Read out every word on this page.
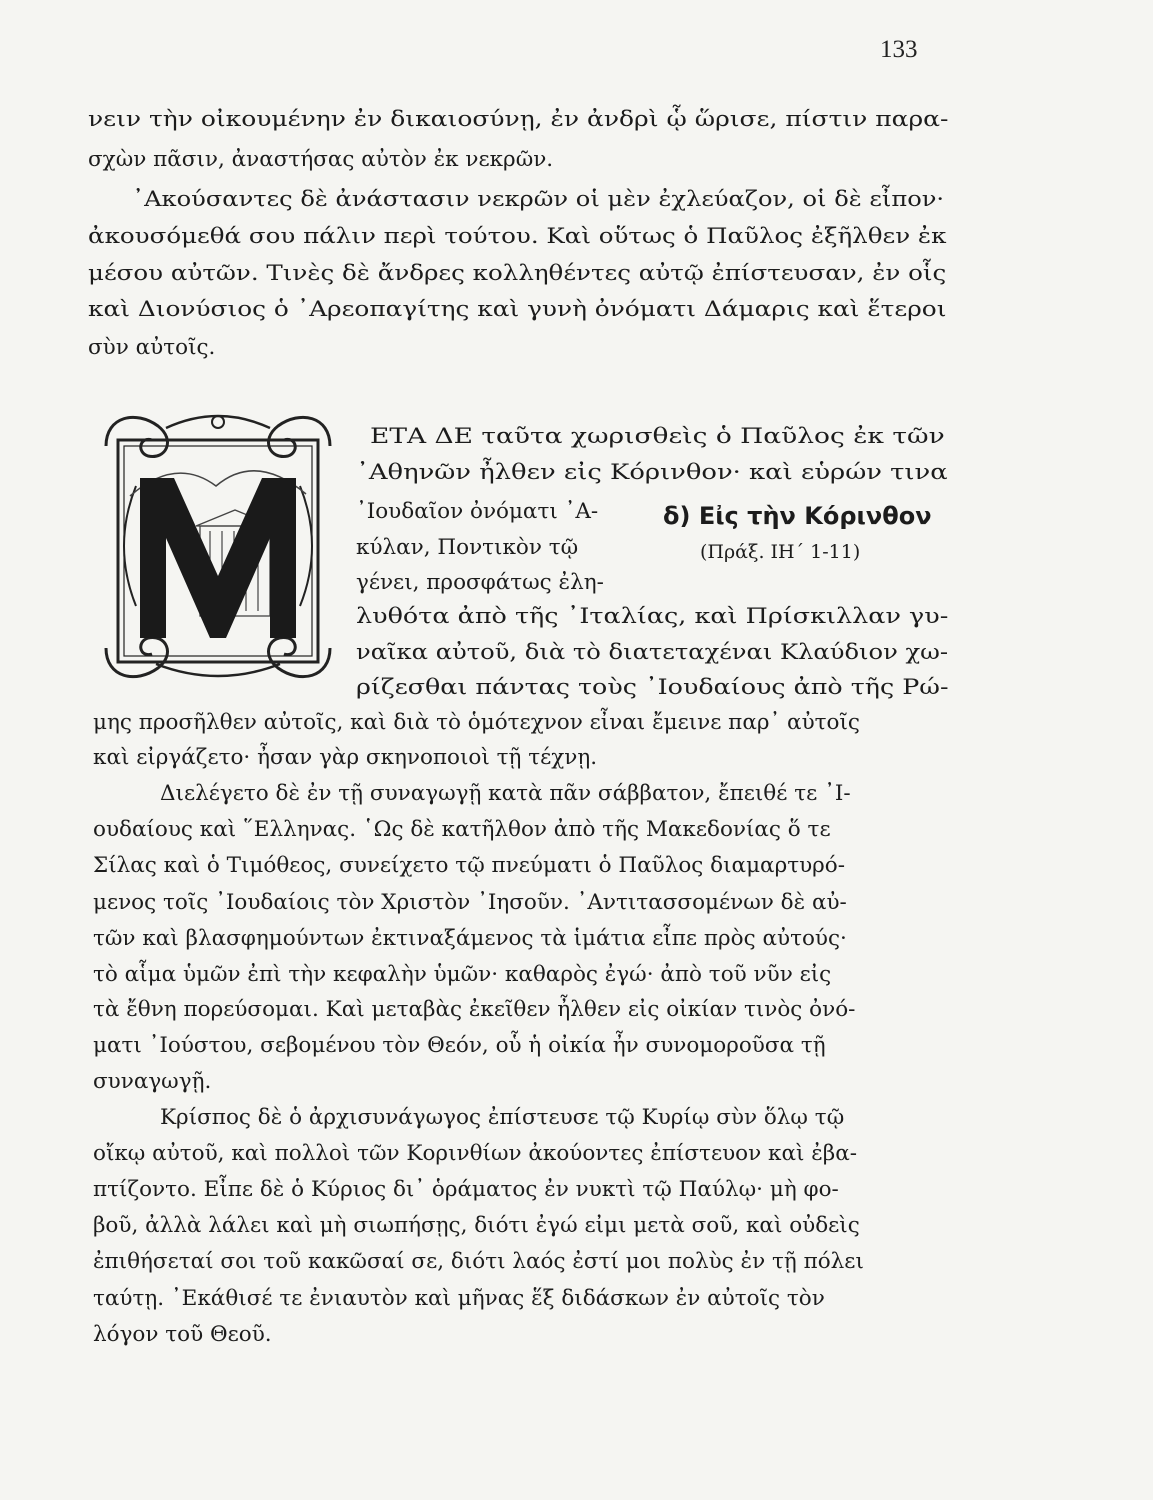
133
νειν τὴν οἰκουμένην ἐν δικαιοσύνῃ, ἐν ἀνδρὶ ᾧ ὥρισε, πίστιν παρα-
σχὼν πᾶσιν, ἀναστήσας αὐτὸν ἐκ νεκρῶν.
᾿Ακούσαντες δὲ ἀνάστασιν νεκρῶν οἱ μὲν ἐχλεύαζον, οἱ δὲ εἶπον·
ἀκουσόμεθά σου πάλιν περὶ τούτου. Καὶ οὕτως ὁ Παῦλος ἐξῆλθεν ἐκ
μέσου αὐτῶν. Τινὲς δὲ ἄνδρες κολληθέντες αὐτῷ ἐπίστευσαν, ἐν οἷς
καὶ Διονύσιος ὁ ᾿Αρεοπαγίτης καὶ γυνὴ ὀνόματι Δάμαρις καὶ ἕτεροι
σὺν αὐτοῖς.
δ) Εἰς τὴν Κόρινθον
(Πράξ. ΙΗ΄ 1-11)
ΕΤΑ ΔΕ ταῦτα χωρισθεὶς ὁ Παῦλος ἐκ τῶν
᾿Αθηνῶν ἦλθεν εἰς Κόρινθον· καὶ εὑρών τινα
᾿Ιουδαῖον ὀνόματι ᾿Α-
κύλαν, Ποντικὸν τῷ
γένει, προσφάτως ἐλη-
λυθότα ἀπὸ τῆς ᾿Ιταλίας, καὶ Πρίσκιλλαν γυ-
ναῖκα αὐτοῦ, διὰ τὸ διατεταχέναι Κλαύδιον χω-
ρίζεσθαι πάντας τοὺς ᾿Ιουδαίους ἀπὸ τῆς Ρώ-
μης προσῆλθεν αὐτοῖς, καὶ διὰ τὸ ὁμότεχνον εἶναι ἔμεινε παρ᾿ αὐτοῖς
καὶ εἰργάζετο· ἦσαν γὰρ σκηνοποιοὶ τῇ τέχνῃ.
Διελέγετο δὲ ἐν τῇ συναγωγῇ κατὰ πᾶν σάββατον, ἔπειθέ τε ᾿Ι-
ουδαίους καὶ ῞Ελληνας. ῾Ως δὲ κατῆλθον ἀπὸ τῆς Μακεδονίας ὅ τε
Σίλας καὶ ὁ Τιμόθεος, συνείχετο τῷ πνεύματι ὁ Παῦλος διαμαρτυρό-
μενος τοῖς ᾿Ιουδαίοις τὸν Χριστὸν ᾿Ιησοῦν. ᾿Αντιτασσομένων δὲ αὐ-
τῶν καὶ βλασφημούντων ἐκτιναξάμενος τὰ ἱμάτια εἶπε πρὸς αὐτούς·
τὸ αἷμα ὑμῶν ἐπὶ τὴν κεφαλὴν ὑμῶν· καθαρὸς ἐγώ· ἀπὸ τοῦ νῦν εἰς
τὰ ἔθνη πορεύσομαι. Καὶ μεταβὰς ἐκεῖθεν ἦλθεν εἰς οἰκίαν τινὸς ὀνό-
ματι ᾿Ιούστου, σεβομένου τὸν Θεόν, οὗ ἡ οἰκία ἦν συνομοροῦσα τῇ
συναγωγῇ.
Κρίσπος δὲ ὁ ἀρχισυνάγωγος ἐπίστευσε τῷ Κυρίῳ σὺν ὅλῳ τῷ
οἴκῳ αὐτοῦ, καὶ πολλοὶ τῶν Κορινθίων ἀκούοντες ἐπίστευον καὶ ἐβα-
πτίζοντο. Εἶπε δὲ ὁ Κύριος δι᾿ ὁράματος ἐν νυκτὶ τῷ Παύλῳ· μὴ φο-
βοῦ, ἀλλὰ λάλει καὶ μὴ σιωπήσῃς, διότι ἐγώ εἰμι μετὰ σοῦ, καὶ οὐδεὶς
ἐπιθήσεταί σοι τοῦ κακῶσαί σε, διότι λαός ἐστί μοι πολὺς ἐν τῇ πόλει
ταύτῃ. ᾿Εκάθισέ τε ἐνιαυτὸν καὶ μῆνας ἕξ διδάσκων ἐν αὐτοῖς τὸν
λόγον τοῦ Θεοῦ.
